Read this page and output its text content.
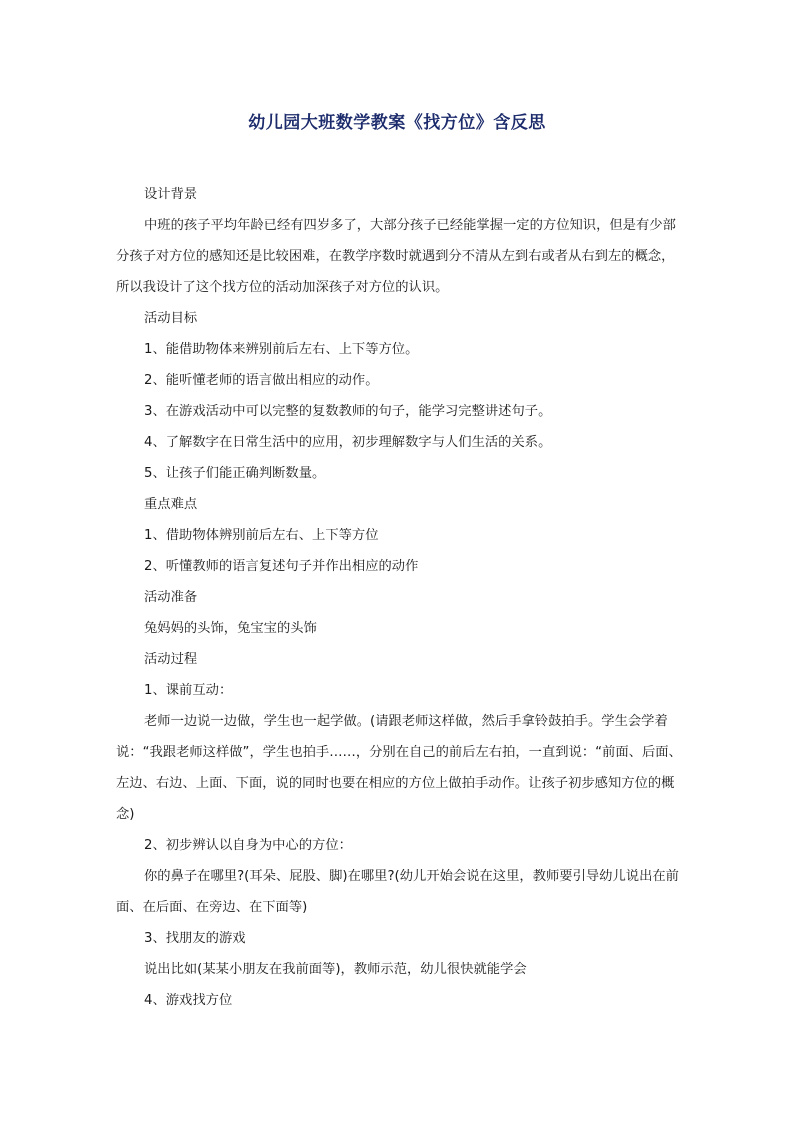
幼儿园大班数学教案《找方位》含反思

设计背景

中班的孩子平均年龄已经有四岁多了，大部分孩子已经能掌握一定的方位知识，但是有少部分孩子对方位的感知还是比较困难，在教学序数时就遇到分不清从左到右或者从右到左的概念，所以我设计了这个找方位的活动加深孩子对方位的认识。

活动目标

1、能借助物体来辨别前后左右、上下等方位。

2、能听懂老师的语言做出相应的动作。

3、在游戏活动中可以完整的复数教师的句子，能学习完整讲述句子。

4、了解数字在日常生活中的应用，初步理解数字与人们生活的关系。

5、让孩子们能正确判断数量。

重点难点

1、借助物体辨别前后左右、上下等方位

2、听懂教师的语言复述句子并作出相应的动作

活动准备

兔妈妈的头饰，兔宝宝的头饰

活动过程

1、课前互动：

老师一边说一边做，学生也一起学做。(请跟老师这样做，然后手拿铃鼓拍手。学生会学着说：“我跟老师这样做”，学生也拍手……，分别在自己的前后左右拍，一直到说：“前面、后面、左边、右边、上面、下面，说的同时也要在相应的方位上做拍手动作。让孩子初步感知方位的概念)

2、初步辨认以自身为中心的方位：

你的鼻子在哪里?(耳朵、屁股、脚)在哪里?(幼儿开始会说在这里，教师要引导幼儿说出在前面、在后面、在旁边、在下面等)

3、找朋友的游戏

说出比如(某某小朋友在我前面等)，教师示范，幼儿很快就能学会

4、游戏找方位
